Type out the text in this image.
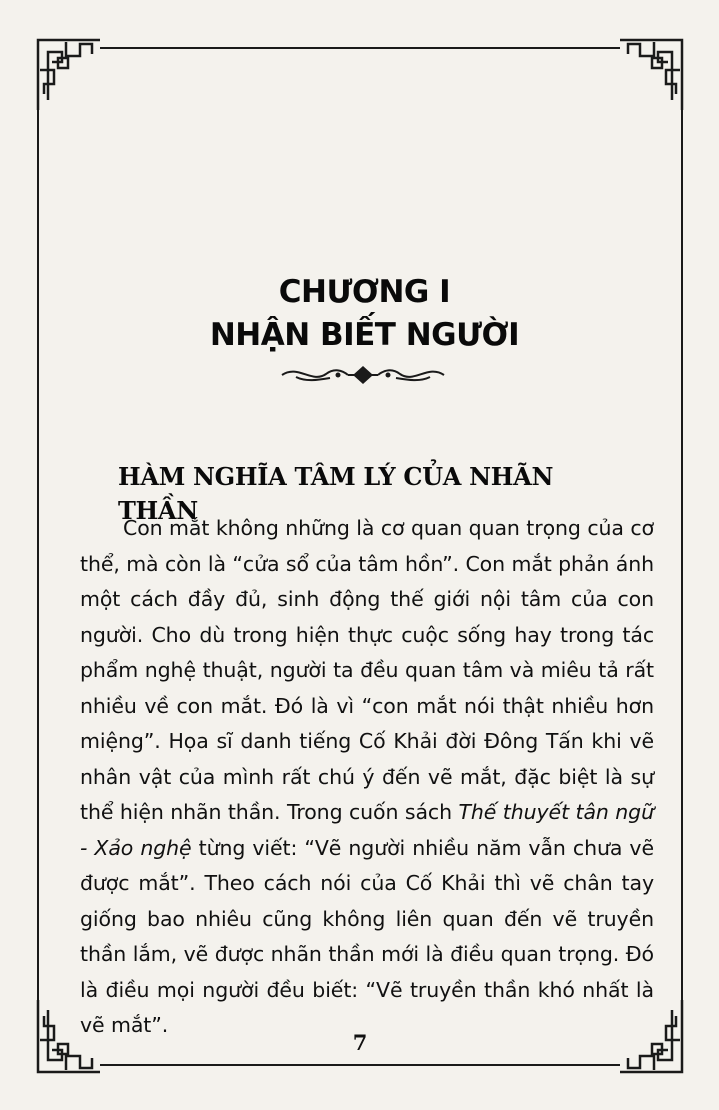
CHƯƠNG I
NHẬN BIẾT NGƯỜI
HÀM NGHĨA TÂM LÝ CỦA NHÃN THẦN

Con mắt không những là cơ quan quan trọng của cơ thể, mà còn là “cửa sổ của tâm hồn”. Con mắt phản ánh một cách đầy đủ, sinh động thế giới nội tâm của con người. Cho dù trong hiện thực cuộc sống hay trong tác phẩm nghệ thuật, người ta đều quan tâm và miêu tả rất nhiều về con mắt. Đó là vì “con mắt nói thật nhiều hơn miệng”. Họa sĩ danh tiếng Cố Khải đời Đông Tấn khi vẽ nhân vật của mình rất chú ý đến vẽ mắt, đặc biệt là sự thể hiện nhãn thần. Trong cuốn sách Thế thuyết tân ngữ - Xảo nghệ từng viết: “Vẽ người nhiều năm vẫn chưa vẽ được mắt”. Theo cách nói của Cố Khải thì vẽ chân tay giống bao nhiêu cũng không liên quan đến vẽ truyền thần lắm, vẽ được nhãn thần mới là điều quan trọng. Đó là điều mọi người đều biết: “Vẽ truyền thần khó nhất là vẽ mắt”.

7
